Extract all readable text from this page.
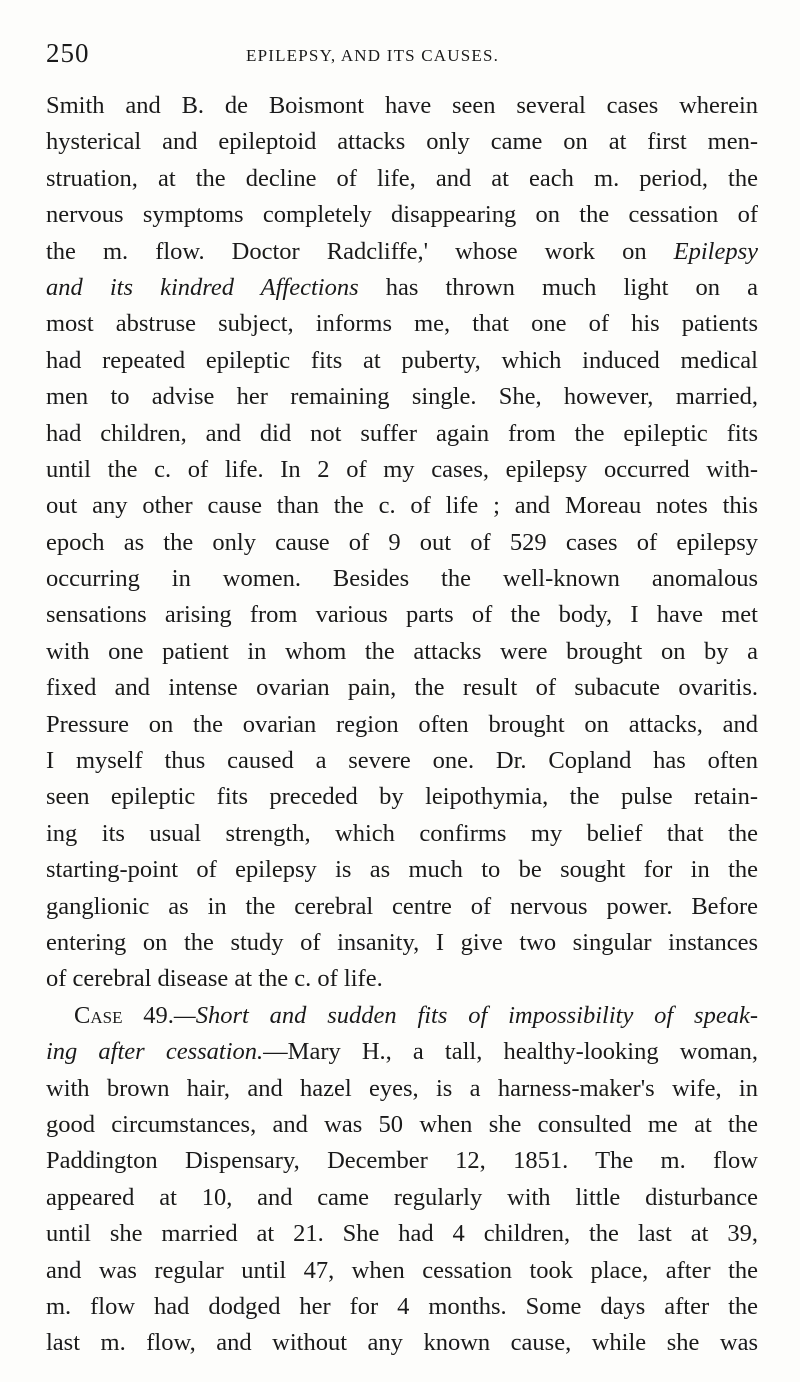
250	EPILEPSY, AND ITS CAUSES.
Smith and B. de Boismont have seen several cases wherein
hysterical and epileptoid attacks only came on at first men-
struation, at the decline of life, and at each m. period, the
nervous symptoms completely disappearing on the cessation of
the m. flow. Doctor Radcliffe,' whose work on Epilepsy
and its kindred Affections has thrown much light on a
most abstruse subject, informs me, that one of his patients
had repeated epileptic fits at puberty, which induced medical
men to advise her remaining single. She, however, married,
had children, and did not suffer again from the epileptic fits
until the c. of life. In 2 of my cases, epilepsy occurred with-
out any other cause than the c. of life ; and Moreau notes this
epoch as the only cause of 9 out of 529 cases of epilepsy
occurring in women. Besides the well-known anomalous
sensations arising from various parts of the body, I have met
with one patient in whom the attacks were brought on by a
fixed and intense ovarian pain, the result of subacute ovaritis.
Pressure on the ovarian region often brought on attacks, and
I myself thus caused a severe one. Dr. Copland has often
seen epileptic fits preceded by leipothymia, the pulse retain-
ing its usual strength, which confirms my belief that the
starting-point of epilepsy is as much to be sought for in the
ganglionic as in the cerebral centre of nervous power. Before
entering on the study of insanity, I give two singular instances
of cerebral disease at the c. of life.
Case 49.—Short and sudden fits of impossibility of speak-
ing after cessation.—Mary H., a tall, healthy-looking woman,
with brown hair, and hazel eyes, is a harness-maker's wife, in
good circumstances, and was 50 when she consulted me at the
Paddington Dispensary, December 12, 1851. The m. flow
appeared at 10, and came regularly with little disturbance
until she married at 21. She had 4 children, the last at 39,
and was regular until 47, when cessation took place, after the
m. flow had dodged her for 4 months. Some days after the
last m. flow, and without any known cause, while she was
